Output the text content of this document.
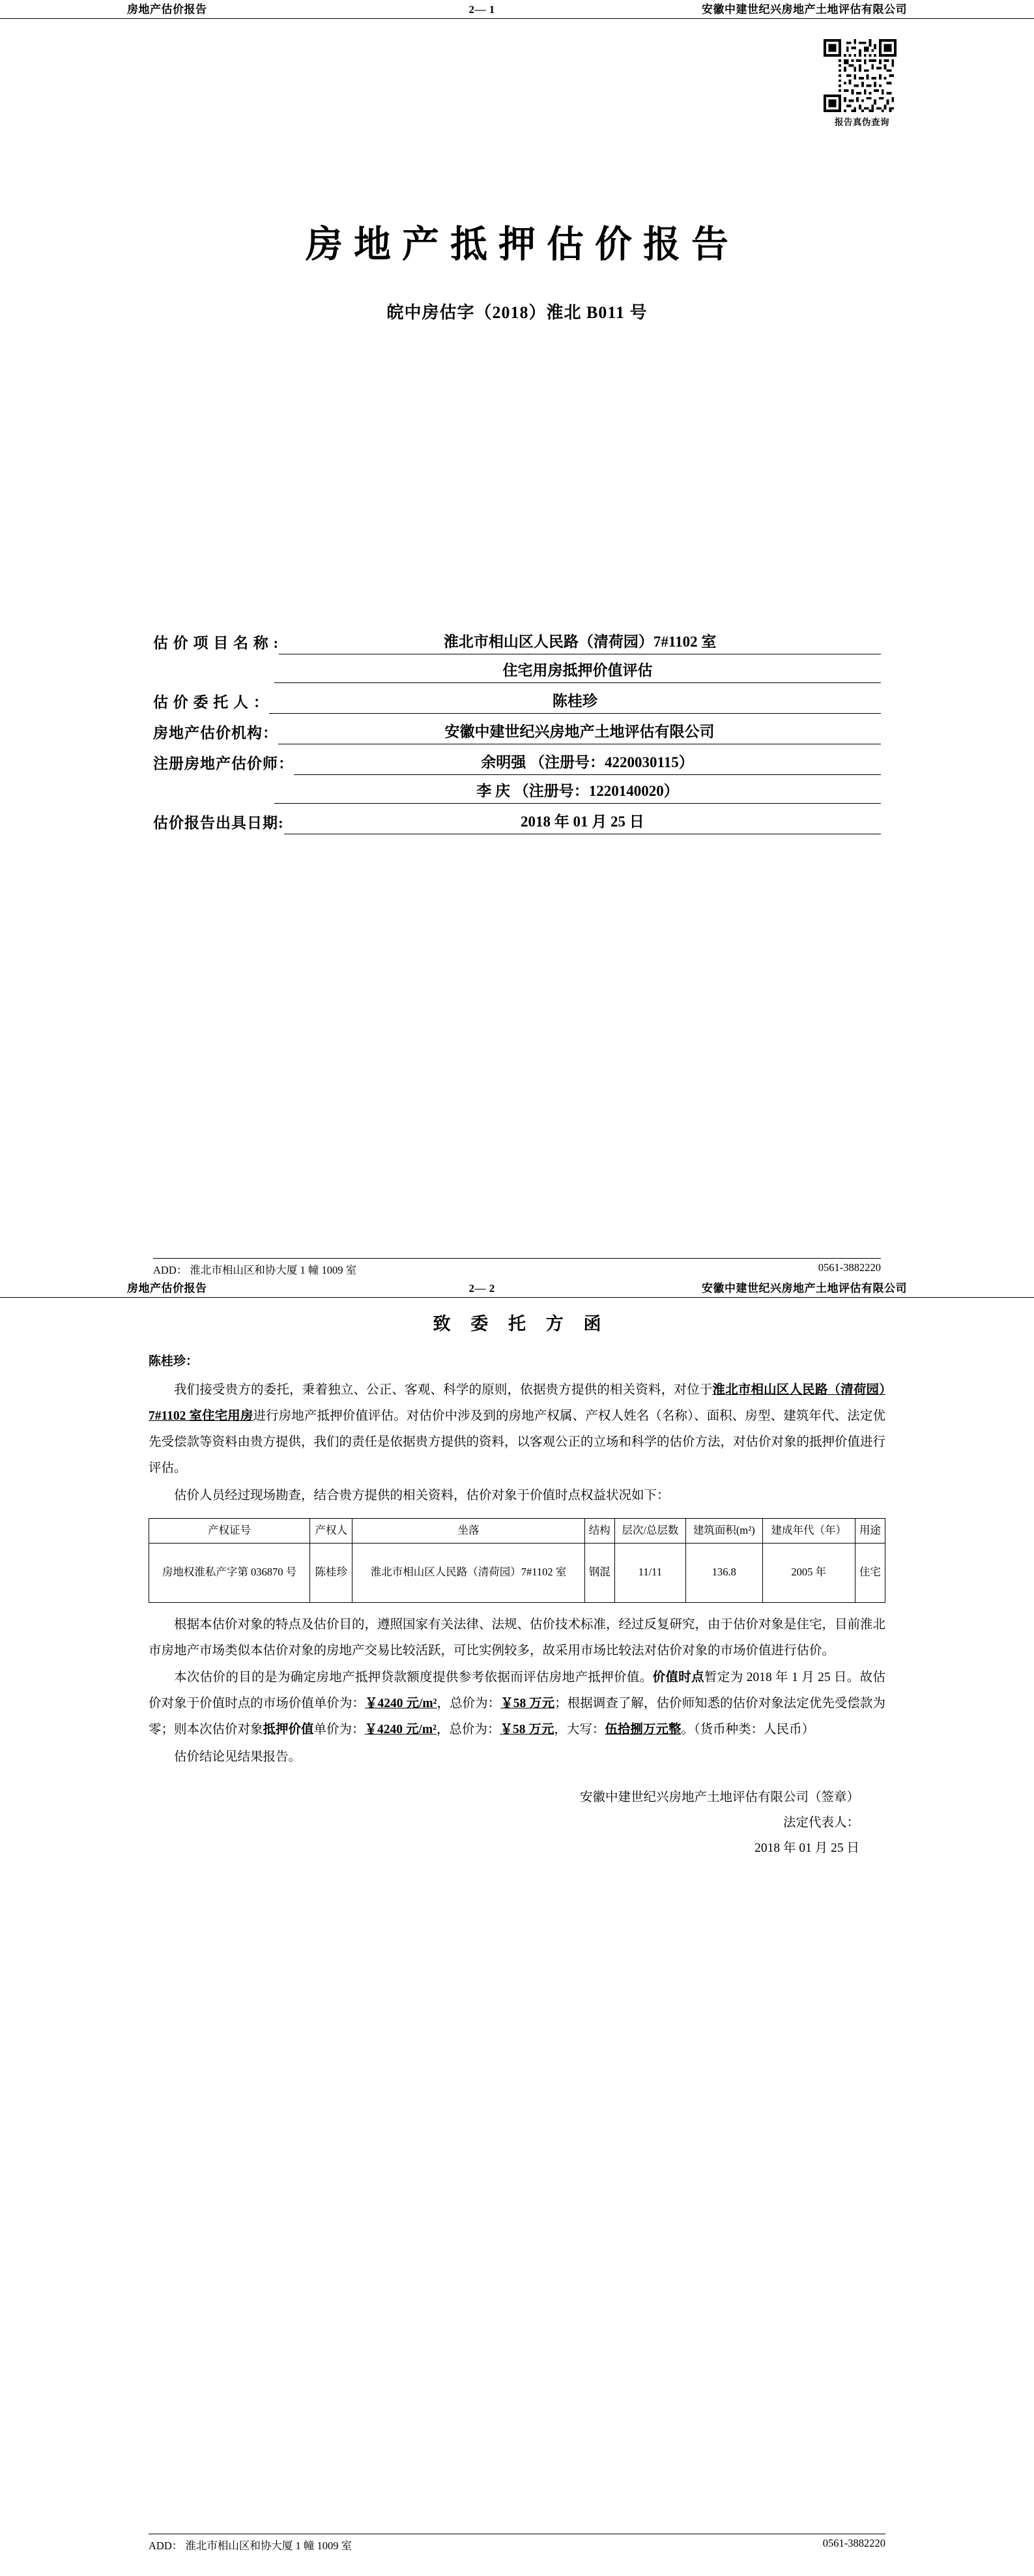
房地产估价报告	2— 1	安徽中建世纪兴房地产土地评估有限公司
报告真伪查询
房地产抵押估价报告
皖中房估字（2018）淮北 B011 号
估 价 项 目 名 称 :	淮北市相山区人民路（清荷园）7#1102 室
住宅用房抵押价值评估
估 价 委 托 人 ：	陈桂珍
房地产估价机构：	安徽中建世纪兴房地产土地评估有限公司
注册房地产估价师：	余明强 （注册号：4220030115）
李 庆 （注册号：1220140020）
估价报告出具日期:	2018 年 01 月 25 日
ADD： 淮北市相山区和协大厦 1 幢 1009 室	0561-3882220
房地产估价报告	2— 2	安徽中建世纪兴房地产土地评估有限公司
致 委 托 方 函
陈桂珍：

我们接受贵方的委托，秉着独立、公正、客观、科学的原则，依据贵方提供的相关资料，对位于淮北市相山区人民路（清荷园）7#1102 室住宅用房进行房地产抵押价值评估。对估价中涉及到的房地产权属、产权人姓名（名称）、面积、房型、建筑年代、法定优先受偿款等资料由贵方提供，我们的责任是依据贵方提供的资料，以客观公正的立场和科学的估价方法，对估价对象的抵押价值进行评估。

估价人员经过现场勘查，结合贵方提供的相关资料，估价对象于价值时点权益状况如下：

产权证号	产权人	坐落	结构	层次/总层数	建筑面积(m²)	建成年代（年）	用途
房地权淮私产字第 036870 号	陈桂珍	淮北市相山区人民路（清荷园）7#1102 室	钢混	11/11	136.8	2005 年	住宅

根据本估价对象的特点及估价目的，遵照国家有关法律、法规、估价技术标准，经过反复研究，由于估价对象是住宅，目前淮北市房地产市场类似本估价对象的房地产交易比较活跃，可比实例较多，故采用市场比较法对估价对象的市场价值进行估价。

本次估价的目的是为确定房地产抵押贷款额度提供参考依据而评估房地产抵押价值。价值时点暂定为 2018 年 1 月 25 日。故估价对象于价值时点的市场价值单价为：￥4240 元/m²，总价为：￥58 万元；根据调查了解，估价师知悉的估价对象法定优先受偿款为零；则本次估价对象抵押价值单价为：￥4240 元/m²，总价为：￥58 万元，大写：伍拾捌万元整。（货币种类：人民币）

估价结论见结果报告。

安徽中建世纪兴房地产土地评估有限公司（签章）
法定代表人：
2018 年 01 月 25 日
ADD： 淮北市相山区和协大厦 1 幢 1009 室	0561-3882220
